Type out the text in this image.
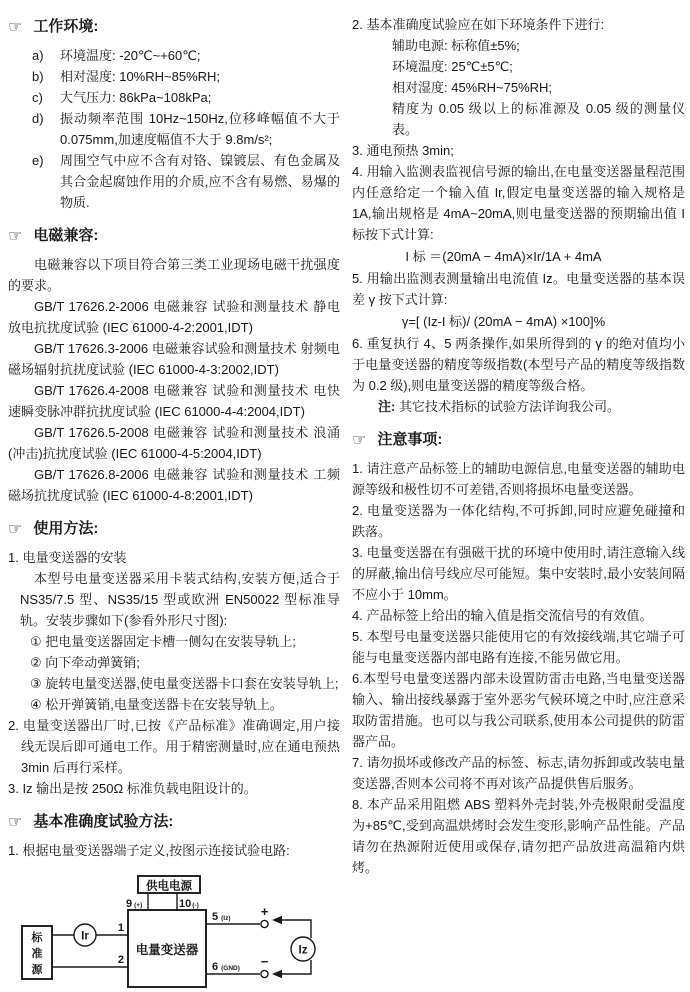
☞ 工作环境:

a) 环境温度: -20℃~+60℃;

b) 相对湿度: 10%RH~85%RH;

c) 大气压力: 86kPa~108kPa;

d) 振动频率范围 10Hz~150Hz,位移峰幅值不大于 0.075mm,加速度幅值不大于 9.8m/s²;

e) 周围空气中应不含有对铬、镍镀层、有色金属及其合金起腐蚀作用的介质,应不含有易燃、易爆的物质.

☞ 电磁兼容:

电磁兼容以下项目符合第三类工业现场电磁干扰强度的要求。

GB/T 17626.2-2006 电磁兼容 试验和测量技术 静电放电抗扰度试验 (IEC 61000-4-2:2001,IDT)

GB/T 17626.3-2006 电磁兼容试验和测量技术 射频电磁场辐射抗扰度试验 (IEC 61000-4-3:2002,IDT)

GB/T 17626.4-2008 电磁兼容 试验和测量技术 电快速瞬变脉冲群抗扰度试验 (IEC 61000-4-4:2004,IDT)

GB/T 17626.5-2008 电磁兼容 试验和测量技术 浪涌(冲击)抗扰度试验 (IEC 61000-4-5:2004,IDT)

GB/T 17626.8-2006 电磁兼容 试验和测量技术 工频磁场抗扰度试验 (IEC 61000-4-8:2001,IDT)

☞ 使用方法:

1. 电量变送器的安装

本型号电量变送器采用卡装式结构,安装方便,适合于 NS35/7.5 型、NS35/15 型或欧洲 EN50022 型标准导轨。安装步骤如下(参看外形尺寸图):

① 把电量变送器固定卡槽一侧勾在安装导轨上;

② 向下牵动弹簧销;

③ 旋转电量变送器,使电量变送器卡口套在安装导轨上;

④ 松开弹簧销,电量变送器卡在安装导轨上。

2. 电量变送器出厂时,已按《产品标准》准确调定,用户接线无误后即可通电工作。用于精密测量时,应在通电预热 3min 后再行采样。

3. Iz 输出是按 250Ω 标准负载电阻设计的。

☞ 基本准确度试验方法:

1. 根据电量变送器端子定义,按图示连接试验电路:

供电电源
9 (+)	10(-)
电量变送器
标
准
源
Ir
1
2
5 (Iz)
6 (GND)
+
−
Iz

2. 基本准确度试验应在如下环境条件下进行:

辅助电源: 标称值±5%;

环境温度: 25℃±5℃;

相对湿度: 45%RH~75%RH;

精度为 0.05 级以上的标准源及 0.05 级的测量仪表。

3. 通电预热 3min;

4. 用输入监测表监视信号源的输出,在电量变送器量程范围内任意给定一个输入值 Ir,假定电量变送器的输入规格是 1A,输出规格是 4mA~20mA,则电量变送器的预期输出值 I 标按下式计算:

I 标 ＝(20mA − 4mA)×Ir/1A + 4mA

5. 用输出监测表测量输出电流值 Iz。电量变送器的基本误差 γ 按下式计算:

γ=[ (Iz-I 标)/ (20mA − 4mA) ×100]%

6. 重复执行 4、5 两条操作,如果所得到的 γ 的绝对值均小于电量变送器的精度等级指数(本型号产品的精度等级指数为 0.2 级),则电量变送器的精度等级合格。

注: 其它技术指标的试验方法详询我公司。

☞ 注意事项:

1. 请注意产品标签上的辅助电源信息,电量变送器的辅助电源等级和极性切不可差错,否则将损坏电量变送器。

2. 电量变送器为一体化结构,不可拆卸,同时应避免碰撞和跌落。

3. 电量变送器在有强磁干扰的环境中使用时,请注意输入线的屏蔽,输出信号线应尽可能短。集中安装时,最小安装间隔不应小于 10mm。

4. 产品标签上给出的输入值是指交流信号的有效值。

5. 本型号电量变送器只能使用它的有效接线端,其它端子可能与电量变送器内部电路有连接,不能另做它用。

6.本型号电量变送器内部未设置防雷击电路,当电量变送器输入、输出接线暴露于室外恶劣气候环境之中时,应注意采取防雷措施。也可以与我公司联系,使用本公司提供的防雷器产品。

7. 请勿损坏或修改产品的标签、标志,请勿拆卸或改装电量变送器,否则本公司将不再对该产品提供售后服务。

8. 本产品采用阻燃 ABS 塑料外壳封装,外壳极限耐受温度为+85℃,受到高温烘烤时会发生变形,影响产品性能。产品请勿在热源附近使用或保存,请勿把产品放进高温箱内烘烤。
